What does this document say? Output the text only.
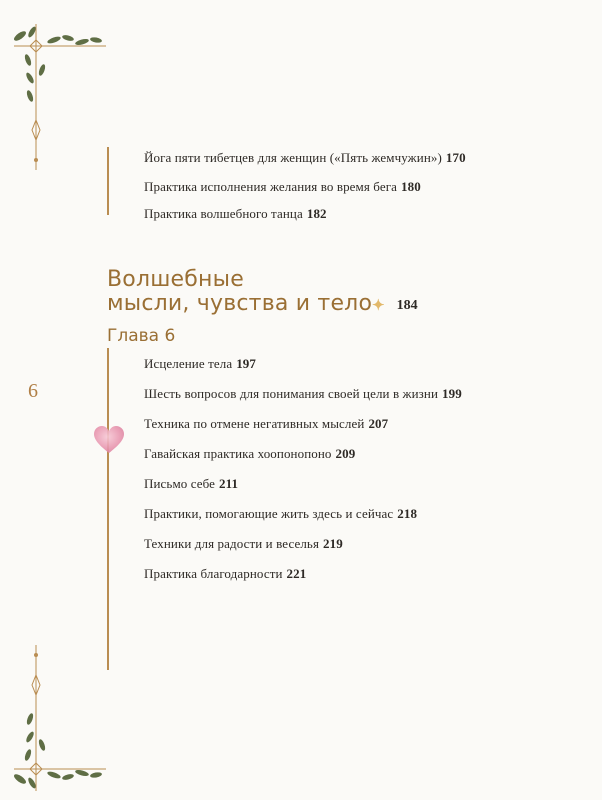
Йога пяти тибетцев для женщин («Пять жемчужин») 170
Практика исполнения желания во время бега 180
Практика волшебного танца 182
Волшебные
мысли, чувства и тело ✦ 184
Глава 6
6
Исцеление тела 197
Шесть вопросов для понимания своей цели в жизни 199
Техника по отмене негативных мыслей 207
Гавайская практика хоопонопоно 209
Письмо себе 211
Практики, помогающие жить здесь и сейчас 218
Техники для радости и веселья 219
Практика благодарности 221
